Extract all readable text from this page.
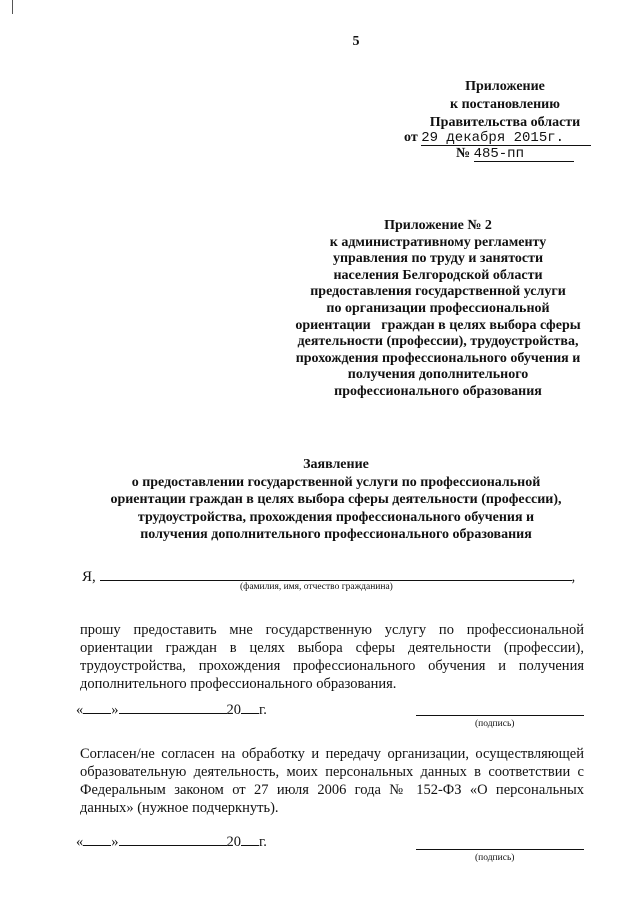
5
Приложение
к постановлению
Правительства области
от 29 декабря 2015г.
№ 485-пп
Приложение № 2
к административному регламенту
управления по труду и занятости
населения Белгородской области
предоставления государственной услуги
по организации профессиональной
ориентации   граждан в целях выбора сферы
деятельности (профессии), трудоустройства,
прохождения профессионального обучения и
получения дополнительного
профессионального образования
Заявление
о предоставлении государственной услуги по профессиональной
ориентации граждан в целях выбора сферы деятельности (профессии),
трудоустройства, прохождения профессионального обучения и
получения дополнительного профессионального образования
Я,	,
(фамилия, имя, отчество гражданина)
прошу предоставить мне государственную услугу по профессиональной ориентации граждан в целях выбора сферы деятельности (профессии), трудоустройства, прохождения профессионального обучения и получения дополнительного профессионального образования.
« »	20 г.
(подпись)
Согласен/не согласен на обработку и передачу организации, осуществляющей образовательную деятельность, моих персональных данных в соответствии с Федеральным законом от 27 июля 2006 года № 152-ФЗ «О персональных данных» (нужное подчеркнуть).
« »	20 г.
(подпись)
